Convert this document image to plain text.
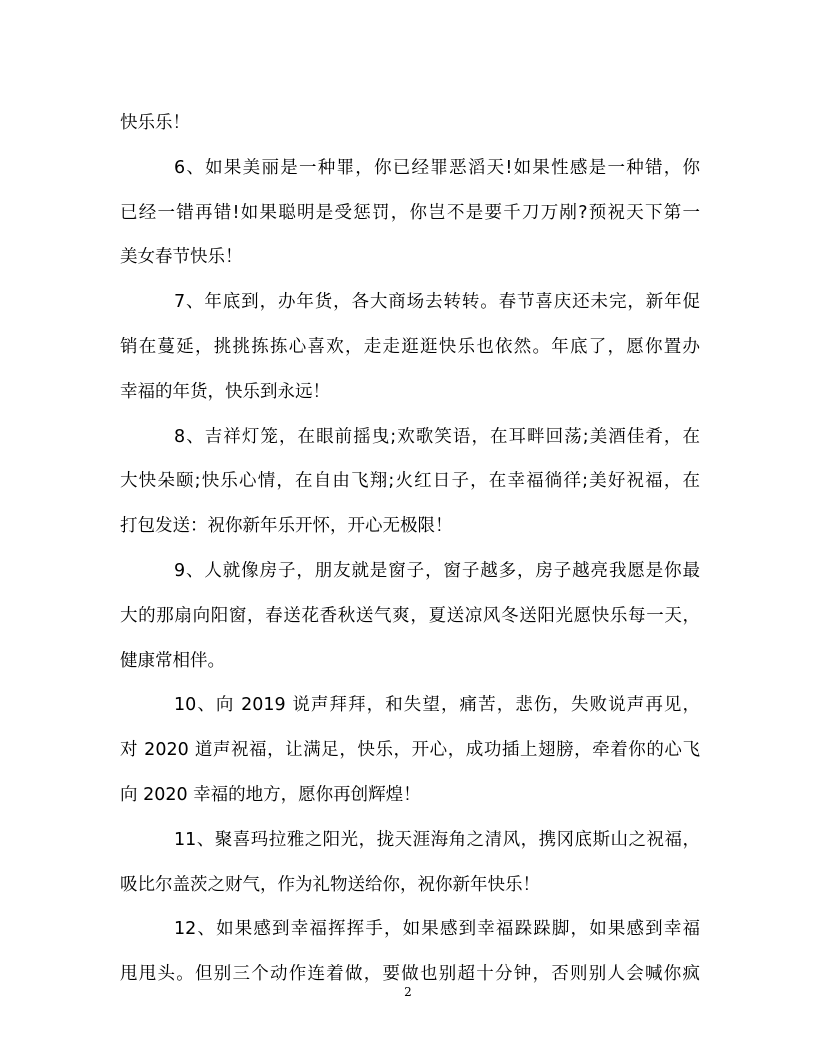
快乐乐！
6、如果美丽是一种罪，你已经罪恶滔天!如果性感是一种错，你
已经一错再错!如果聪明是受惩罚，你岂不是要千刀万剐?预祝天下第一
美女春节快乐！
7、年底到，办年货，各大商场去转转。春节喜庆还未完，新年促
销在蔓延，挑挑拣拣心喜欢，走走逛逛快乐也依然。年底了，愿你置办
幸福的年货，快乐到永远！
8、吉祥灯笼，在眼前摇曳;欢歌笑语，在耳畔回荡;美酒佳肴，在
大快朵颐;快乐心情，在自由飞翔;火红日子，在幸福徜徉;美好祝福，在
打包发送：祝你新年乐开怀，开心无极限！
9、人就像房子，朋友就是窗子，窗子越多，房子越亮我愿是你最
大的那扇向阳窗，春送花香秋送气爽，夏送凉风冬送阳光愿快乐每一天，
健康常相伴。
10、向 2019 说声拜拜，和失望，痛苦，悲伤，失败说声再见，
对 2020 道声祝福，让满足，快乐，开心，成功插上翅膀，牵着你的心飞
向 2020 幸福的地方，愿你再创辉煌！
11、聚喜玛拉雅之阳光，拢天涯海角之清风，携冈底斯山之祝福，
吸比尔盖茨之财气，作为礼物送给你，祝你新年快乐！
12、如果感到幸福挥挥手，如果感到幸福跺跺脚，如果感到幸福
甩甩头。但别三个动作连着做，要做也别超十分钟，否则别人会喊你疯
2
